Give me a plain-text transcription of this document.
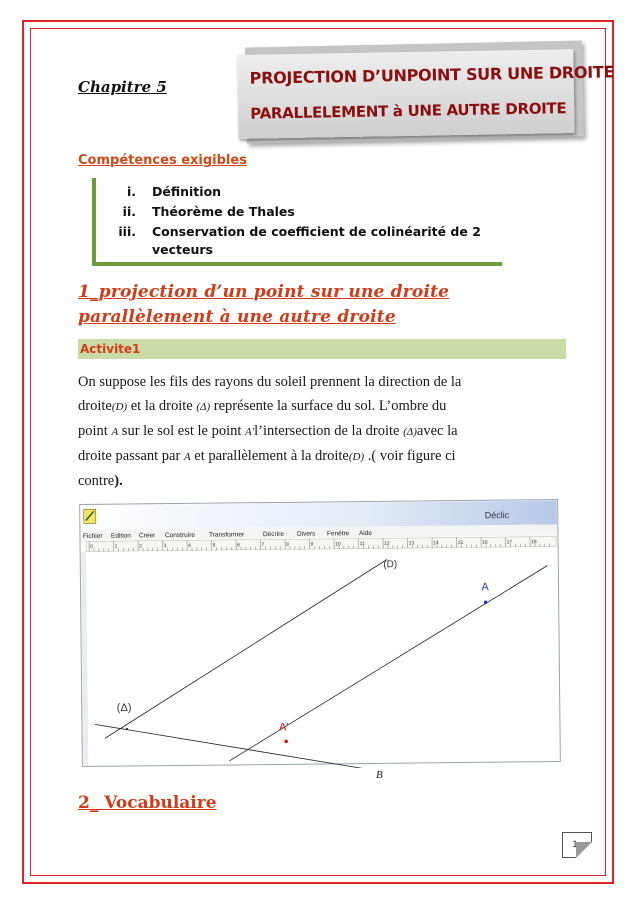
Chapitre 5	PROJECTION D’UNPOINT SUR UNE DROITE
PARALLELEMENT à UNE AUTRE DROITE
Compétences exigibles
i. Définition
ii. Théorème de Thales
iii. Conservation de coefficient de colinéarité de 2
vecteurs
1_projection d’un point sur une droite
parallèlement à une autre droite
Activite1
On suppose les fils des rayons du soleil prennent la direction de la
droite(D) et la droite (Δ) représente la surface du sol. L’ombre du
point A sur le sol est le point A'l’intersection de la droite (Δ)avec la
droite passant par A et parallèlement à la droite(D) .( voir figure ci
contre).
Déclic
Fichier Edition Créer Construire Transformer	Décrire Divers Fenêtre Aide
0	1	2	3	4	5	6	7	8	9	10	11	12	13	14	15	16	17	18
(D)
A
A'
(Δ)
B
2_ Vocabulaire
1
